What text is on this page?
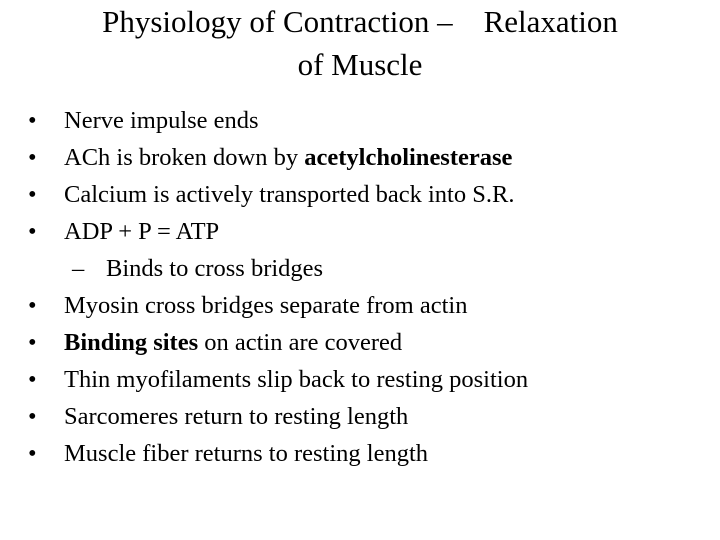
Physiology of Contraction –    Relaxation
of Muscle
•	Nerve impulse ends
•	ACh is broken down by acetylcholinesterase
•	Calcium is actively transported back into S.R.
•	ADP + P = ATP
– Binds to cross bridges
•	Myosin cross bridges separate from actin
•	Binding sites on actin are covered
•	Thin myofilaments slip back to resting position
•	Sarcomeres return to resting length
•	Muscle fiber returns to resting length
